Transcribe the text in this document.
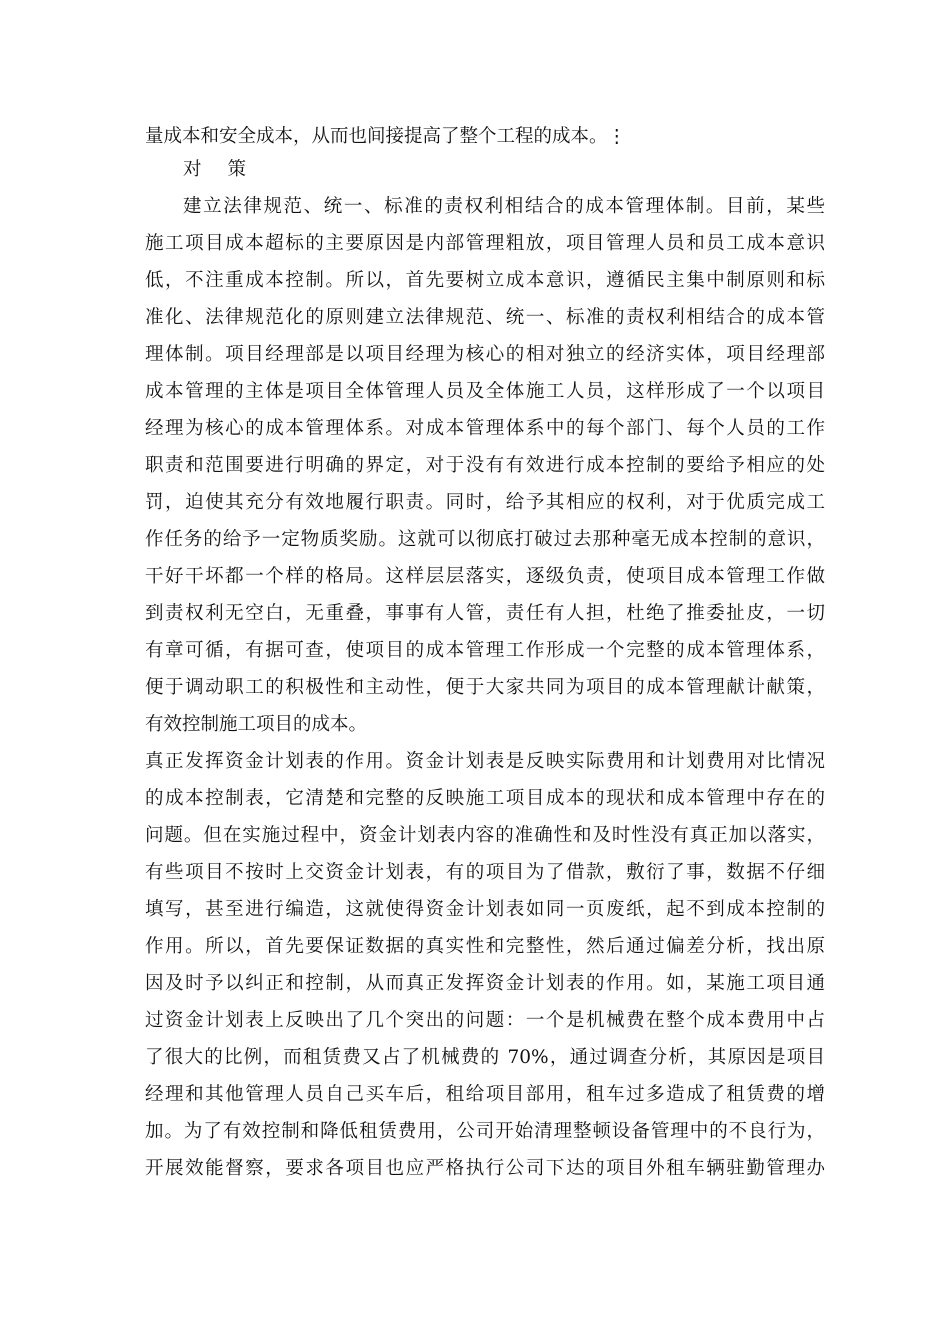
量成本和安全成本，从而也间接提高了整个工程的成本。⋮
对 策
建立法律规范、统一、标准的责权利相结合的成本管理体制。目前，某些
施工项目成本超标的主要原因是内部管理粗放，项目管理人员和员工成本意识
低，不注重成本控制。所以，首先要树立成本意识，遵循民主集中制原则和标
准化、法律规范化的原则建立法律规范、统一、标准的责权利相结合的成本管
理体制。项目经理部是以项目经理为核心的相对独立的经济实体，项目经理部
成本管理的主体是项目全体管理人员及全体施工人员，这样形成了一个以项目
经理为核心的成本管理体系。对成本管理体系中的每个部门、每个人员的工作
职责和范围要进行明确的界定，对于没有有效进行成本控制的要给予相应的处
罚，迫使其充分有效地履行职责。同时，给予其相应的权利，对于优质完成工
作任务的给予一定物质奖励。这就可以彻底打破过去那种毫无成本控制的意识，
干好干坏都一个样的格局。这样层层落实，逐级负责，使项目成本管理工作做
到责权利无空白，无重叠，事事有人管，责任有人担，杜绝了推委扯皮，一切
有章可循，有据可查，使项目的成本管理工作形成一个完整的成本管理体系，
便于调动职工的积极性和主动性，便于大家共同为项目的成本管理献计献策，
有效控制施工项目的成本。
真正发挥资金计划表的作用。资金计划表是反映实际费用和计划费用对比情况
的成本控制表，它清楚和完整的反映施工项目成本的现状和成本管理中存在的
问题。但在实施过程中，资金计划表内容的准确性和及时性没有真正加以落实，
有些项目不按时上交资金计划表，有的项目为了借款，敷衍了事，数据不仔细
填写，甚至进行编造，这就使得资金计划表如同一页废纸，起不到成本控制的
作用。所以，首先要保证数据的真实性和完整性，然后通过偏差分析，找出原
因及时予以纠正和控制，从而真正发挥资金计划表的作用。如，某施工项目通
过资金计划表上反映出了几个突出的问题：一个是机械费在整个成本费用中占
了很大的比例，而租赁费又占了机械费的 70%，通过调查分析，其原因是项目
经理和其他管理人员自己买车后，租给项目部用，租车过多造成了租赁费的增
加。为了有效控制和降低租赁费用，公司开始清理整顿设备管理中的不良行为，
开展效能督察，要求各项目也应严格执行公司下达的项目外租车辆驻勤管理办
